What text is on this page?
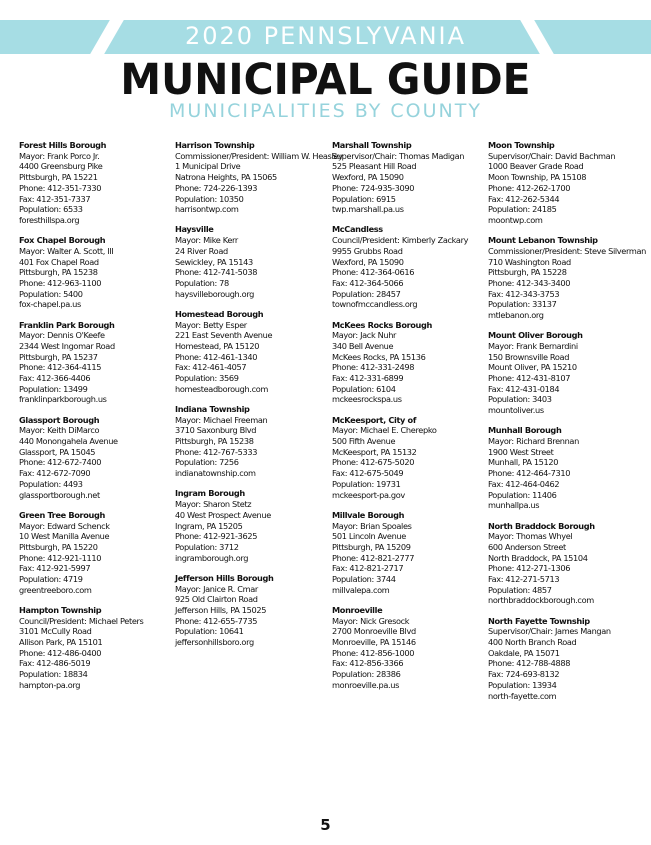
2020 PENNSLYVANIA
MUNICIPAL GUIDE
MUNICIPALITIES BY COUNTY
Forest Hills Borough
Mayor: Frank Porco Jr.
4400 Greensburg Pike
Pittsburgh, PA 15221
Phone: 412-351-7330
Fax: 412-351-7337
Population: 6533
foresthillspa.org
Fox Chapel Borough
Mayor: Walter A. Scott, III
401 Fox Chapel Road
Pittsburgh, PA 15238
Phone: 412-963-1100
Population: 5400
fox-chapel.pa.us
Franklin Park Borough
Mayor: Dennis O'Keefe
2344 West Ingomar Road
Pittsburgh, PA 15237
Phone: 412-364-4115
Fax: 412-366-4406
Population: 13499
franklinparkborough.us
Glassport Borough
Mayor: Keith DiMarco
440 Monongahela Avenue
Glassport, PA 15045
Phone: 412-672-7400
Fax: 412-672-7090
Population: 4493
glassportborough.net
Green Tree Borough
Mayor: Edward Schenck
10 West Manilla Avenue
Pittsburgh, PA 15220
Phone: 412-921-1110
Fax: 412-921-5997
Population: 4719
greentreeboro.com
Hampton Township
Council/President: Michael Peters
3101 McCully Road
Allison Park, PA 15101
Phone: 412-486-0400
Fax: 412-486-5019
Population: 18834
hampton-pa.org
Harrison Township
Commissioner/President: William W. Heasley
1 Municipal Drive
Natrona Heights, PA 15065
Phone: 724-226-1393
Population: 10350
harrisontwp.com
Haysville
Mayor: Mike Kerr
24 River Road
Sewickley, PA 15143
Phone: 412-741-5038
Population: 78
haysvilleborough.org
Homestead Borough
Mayor: Betty Esper
221 East Seventh Avenue
Homestead, PA 15120
Phone: 412-461-1340
Fax: 412-461-4057
Population: 3569
homesteadborough.com
Indiana Township
Mayor: Michael Freeman
3710 Saxonburg Blvd
Pittsburgh, PA 15238
Phone: 412-767-5333
Population: 7256
indianatownship.com
Ingram Borough
Mayor: Sharon Stetz
40 West Prospect Avenue
Ingram, PA 15205
Phone: 412-921-3625
Population: 3712
ingramborough.org
Jefferson Hills Borough
Mayor: Janice R. Cmar
925 Old Clairton Road
Jefferson Hills, PA 15025
Phone: 412-655-7735
Population: 10641
jeffersonhillsboro.org
Marshall Township
Supervisor/Chair: Thomas Madigan
525 Pleasant Hill Road
Wexford, PA 15090
Phone: 724-935-3090
Population: 6915
twp.marshall.pa.us
McCandless
Council/President: Kimberly Zackary
9955 Grubbs Road
Wexford, PA 15090
Phone: 412-364-0616
Fax: 412-364-5066
Population: 28457
townofmccandless.org
McKees Rocks Borough
Mayor: Jack Nuhr
340 Bell Avenue
McKees Rocks, PA 15136
Phone: 412-331-2498
Fax: 412-331-6899
Population: 6104
mckeesrockspa.us
McKeesport, City of
Mayor: Michael E. Cherepko
500 Fifth Avenue
McKeesport, PA 15132
Phone: 412-675-5020
Fax: 412-675-5049
Population: 19731
mckeesport-pa.gov
Millvale Borough
Mayor: Brian Spoales
501 Lincoln Avenue
Pittsburgh, PA 15209
Phone: 412-821-2777
Fax: 412-821-2717
Population: 3744
millvalepa.com
Monroeville
Mayor: Nick Gresock
2700 Monroeville Blvd
Monroeville, PA 15146
Phone: 412-856-1000
Fax: 412-856-3366
Population: 28386
monroeville.pa.us
Moon Township
Supervisor/Chair: David Bachman
1000 Beaver Grade Road
Moon Township, PA 15108
Phone: 412-262-1700
Fax: 412-262-5344
Population: 24185
moontwp.com
Mount Lebanon Township
Commissioner/President: Steve Silverman
710 Washington Road
Pittsburgh, PA 15228
Phone: 412-343-3400
Fax: 412-343-3753
Population: 33137
mtlebanon.org
Mount Oliver Borough
Mayor: Frank Bernardini
150 Brownsville Road
Mount Oliver, PA 15210
Phone: 412-431-8107
Fax: 412-431-0184
Population: 3403
mountoliver.us
Munhall Borough
Mayor: Richard Brennan
1900 West Street
Munhall, PA 15120
Phone: 412-464-7310
Fax: 412-464-0462
Population: 11406
munhallpa.us
North Braddock Borough
Mayor: Thomas Whyel
600 Anderson Street
North Braddock, PA 15104
Phone: 412-271-1306
Fax: 412-271-5713
Population: 4857
northbraddockborough.com
North Fayette Township
Supervisor/Chair: James Mangan
400 North Branch Road
Oakdale, PA 15071
Phone: 412-788-4888
Fax: 724-693-8132
Population: 13934
north-fayette.com
5
